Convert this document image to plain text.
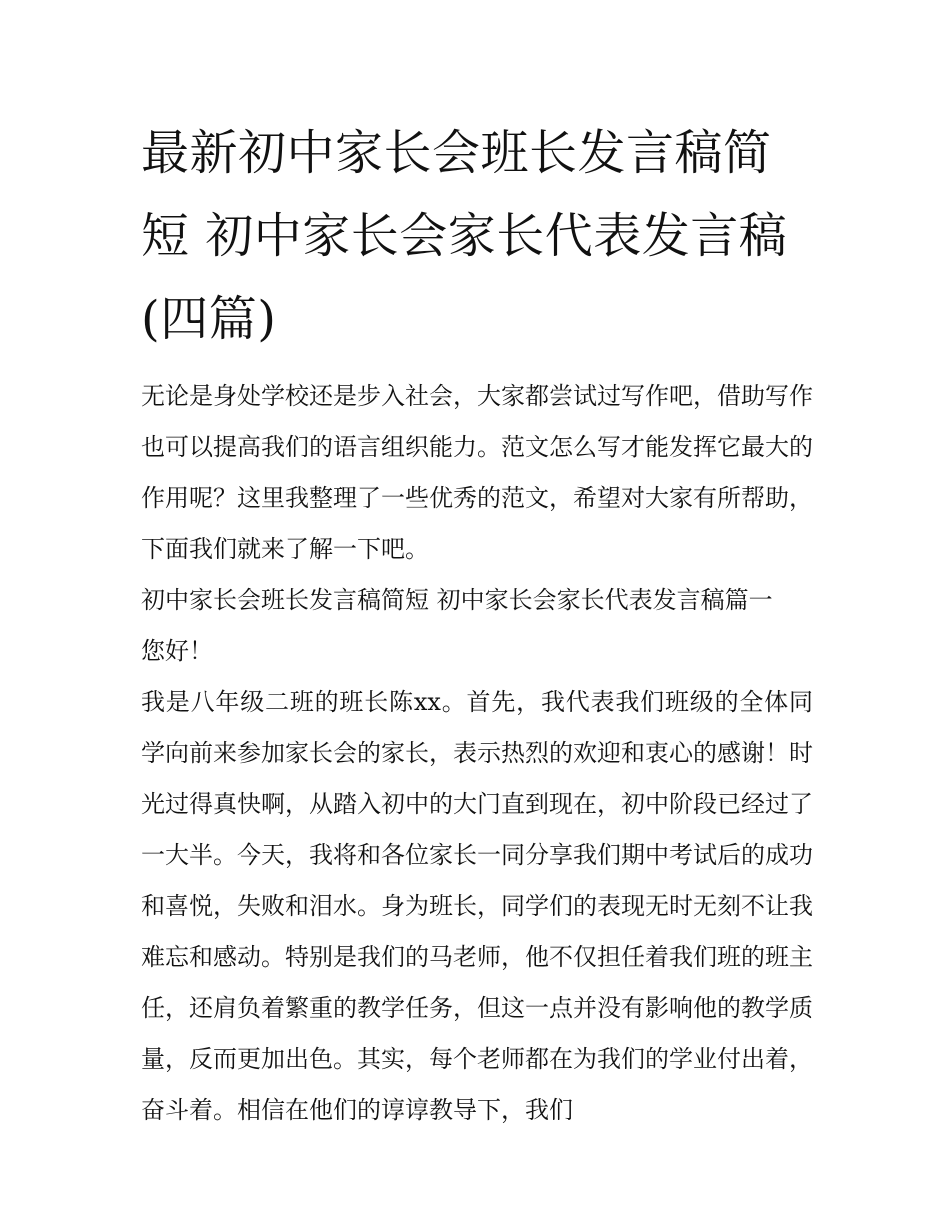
最新初中家长会班长发言稿简短 初中家长会家长代表发言稿(四篇)

无论是身处学校还是步入社会，大家都尝试过写作吧，借助写作也可以提高我们的语言组织能力。范文怎么写才能发挥它最大的作用呢？这里我整理了一些优秀的范文，希望对大家有所帮助，下面我们就来了解一下吧。

初中家长会班长发言稿简短 初中家长会家长代表发言稿篇一

您好！

我是八年级二班的班长陈xx。首先，我代表我们班级的全体同学向前来参加家长会的家长，表示热烈的欢迎和衷心的感谢！时光过得真快啊，从踏入初中的大门直到现在，初中阶段已经过了一大半。今天，我将和各位家长一同分享我们期中考试后的成功和喜悦，失败和泪水。身为班长，同学们的表现无时无刻不让我难忘和感动。特别是我们的马老师，他不仅担任着我们班的班主任，还肩负着繁重的教学任务，但这一点并没有影响他的教学质量，反而更加出色。其实，每个老师都在为我们的学业付出着，奋斗着。相信在他们的谆谆教导下，我们
